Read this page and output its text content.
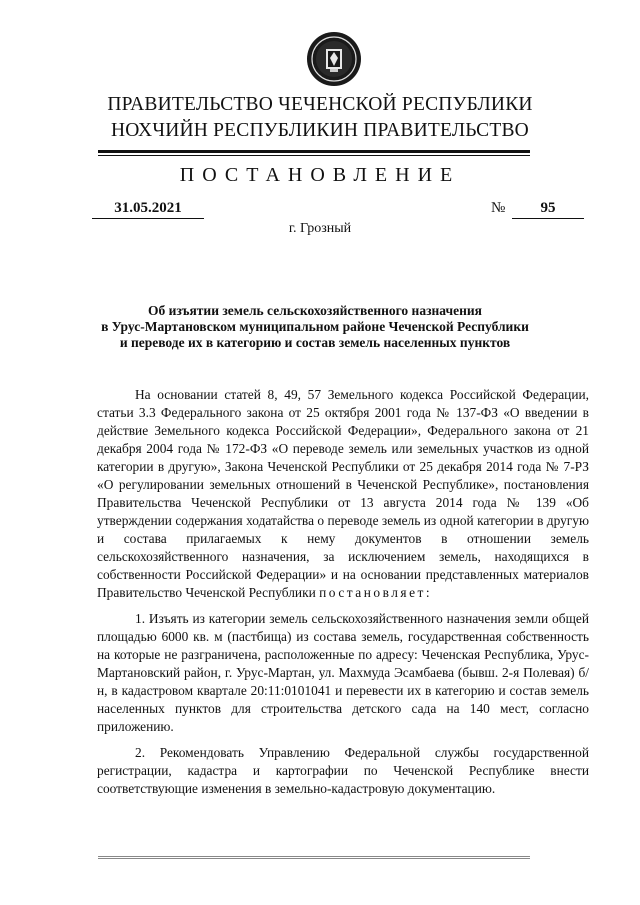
ПРАВИТЕЛЬСТВО ЧЕЧЕНСКОЙ РЕСПУБЛИКИ
НОХЧИЙН РЕСПУБЛИКИН ПРАВИТЕЛЬСТВО
ПОСТАНОВЛЕНИЕ
31.05.2021	№	95
г. Грозный
Об изъятии земель сельскохозяйственного назначения
в Урус-Мартановском муниципальном районе Чеченской Республики
и переводе их в категорию и состав земель населенных пунктов

На основании статей 8, 49, 57 Земельного кодекса Российской Федерации, статьи 3.3 Федерального закона от 25 октября 2001 года № 137-ФЗ «О введении в действие Земельного кодекса Российской Федерации», Федерального закона от 21 декабря 2004 года № 172-ФЗ «О переводе земель или земельных участков из одной категории в другую», Закона Чеченской Республики от 25 декабря 2014 года № 7-РЗ «О регулировании земельных отношений в Чеченской Республике», постановления Правительства Чеченской Республики от 13 августа 2014 года № 139 «Об утверждении содержания ходатайства о переводе земель из одной категории в другую и состава прилагаемых к нему документов в отношении земель сельскохозяйственного назначения, за исключением земель, находящихся в собственности Российской Федерации» и на основании представленных материалов Правительство Чеченской Республики постановляет:

1. Изъять из категории земель сельскохозяйственного назначения земли общей площадью 6000 кв. м (пастбища) из состава земель, государственная собственность на которые не разграничена, расположенные по адресу: Чеченская Республика, Урус-Мартановский район, г. Урус-Мартан, ул. Махмуда Эсамбаева (бывш. 2-я Полевая) б/н, в кадастровом квартале 20:11:0101041 и перевести их в категорию и состав земель населенных пунктов для строительства детского сада на 140 мест, согласно приложению.

2. Рекомендовать Управлению Федеральной службы государственной регистрации, кадастра и картографии по Чеченской Республике внести соответствующие изменения в земельно-кадастровую документацию.
